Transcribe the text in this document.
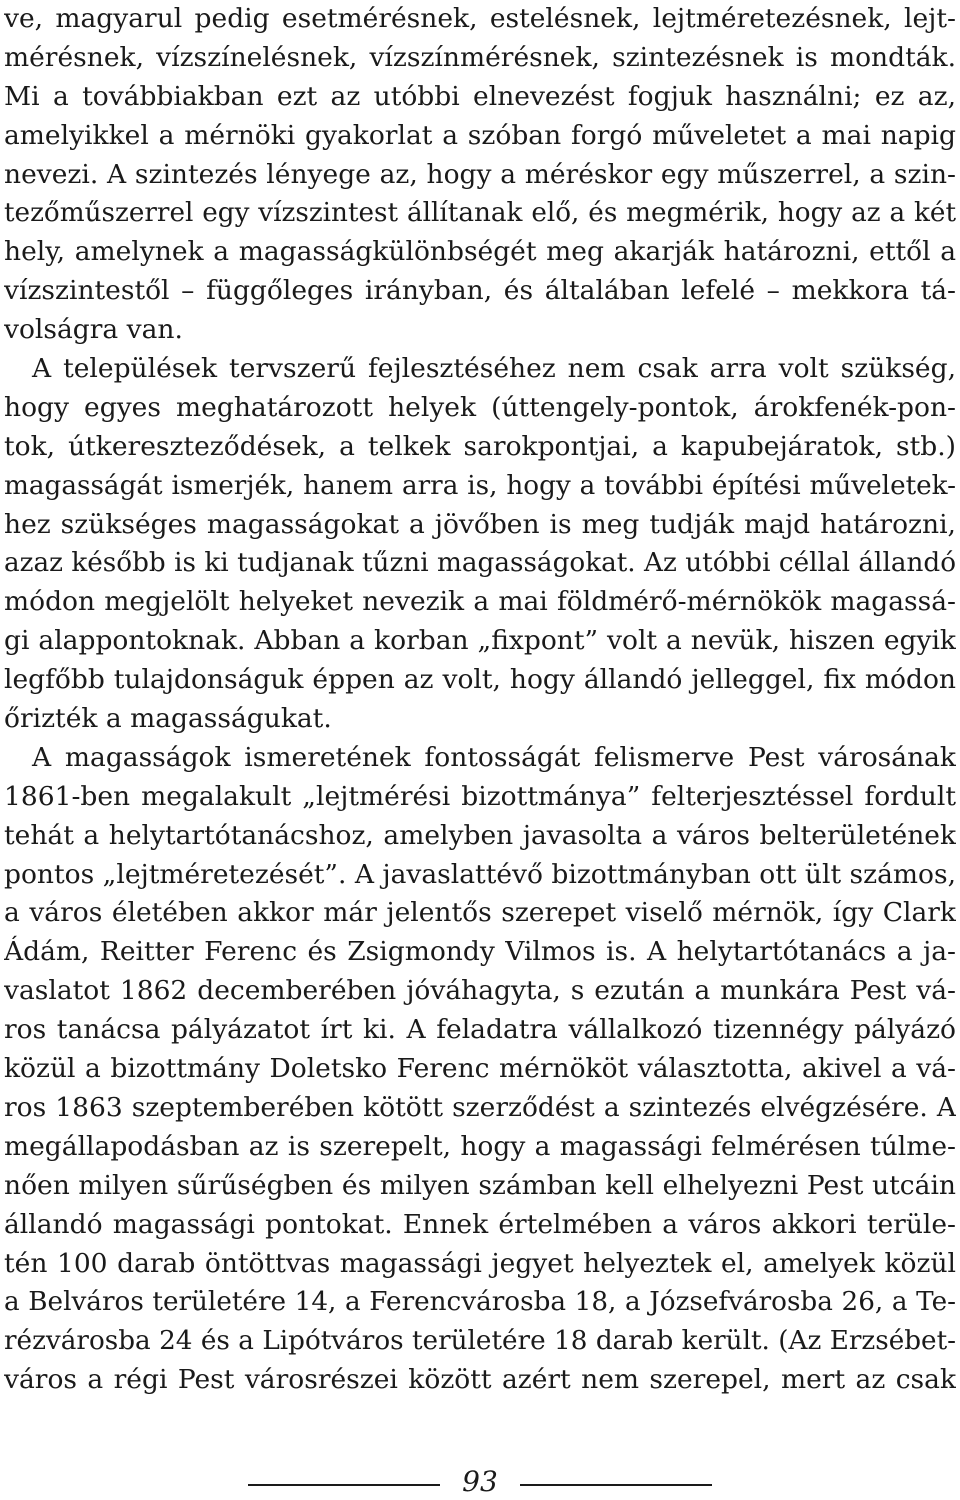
ve, magyarul pedig esetmérésnek, estelésnek, lejtméretezésnek, lejt-
mérésnek, vízszínelésnek, vízszínmérésnek, szintezésnek is mondták.
Mi a továbbiakban ezt az utóbbi elnevezést fogjuk használni; ez az,
amelyikkel a mérnöki gyakorlat a szóban forgó műveletet a mai napig
nevezi. A szintezés lényege az, hogy a méréskor egy műszerrel, a szin-
tezőműszerrel egy vízszintest állítanak elő, és megmérik, hogy az a két
hely, amelynek a magasságkülönbségét meg akarják határozni, ettől a
vízszintestől – függőleges irányban, és általában lefelé – mekkora tá-
volságra van.
A települések tervszerű fejlesztéséhez nem csak arra volt szükség,
hogy egyes meghatározott helyek (úttengely-pontok, árokfenék-pon-
tok, útkereszteződések, a telkek sarokpontjai, a kapubejáratok, stb.)
magasságát ismerjék, hanem arra is, hogy a további építési műveletek-
hez szükséges magasságokat a jövőben is meg tudják majd határozni,
azaz később is ki tudjanak tűzni magasságokat. Az utóbbi céllal állandó
módon megjelölt helyeket nevezik a mai földmérő-mérnökök magassá-
gi alappontoknak. Abban a korban „fixpont” volt a nevük, hiszen egyik
legfőbb tulajdonságuk éppen az volt, hogy állandó jelleggel, fix módon
őrizték a magasságukat.
A magasságok ismeretének fontosságát felismerve Pest városának
1861-ben megalakult „lejtmérési bizottmánya” felterjesztéssel fordult
tehát a helytartótanácshoz, amelyben javasolta a város belterületének
pontos „lejtméretezését”. A javaslattévő bizottmányban ott ült számos,
a város életében akkor már jelentős szerepet viselő mérnök, így Clark
Ádám, Reitter Ferenc és Zsigmondy Vilmos is. A helytartótanács a ja-
vaslatot 1862 decemberében jóváhagyta, s ezután a munkára Pest vá-
ros tanácsa pályázatot írt ki. A feladatra vállalkozó tizennégy pályázó
közül a bizottmány Doletsko Ferenc mérnököt választotta, akivel a vá-
ros 1863 szeptemberében kötött szerződést a szintezés elvégzésére. A
megállapodásban az is szerepelt, hogy a magassági felmérésen túlme-
nően milyen sűrűségben és milyen számban kell elhelyezni Pest utcáin
állandó magassági pontokat. Ennek értelmében a város akkori terüle-
tén 100 darab öntöttvas magassági jegyet helyeztek el, amelyek közül
a Belváros területére 14, a Ferencvárosba 18, a Józsefvárosba 26, a Te-
rézvárosba 24 és a Lipótváros területére 18 darab került. (Az Erzsébet-
város a régi Pest városrészei között azért nem szerepel, mert az csak
93
